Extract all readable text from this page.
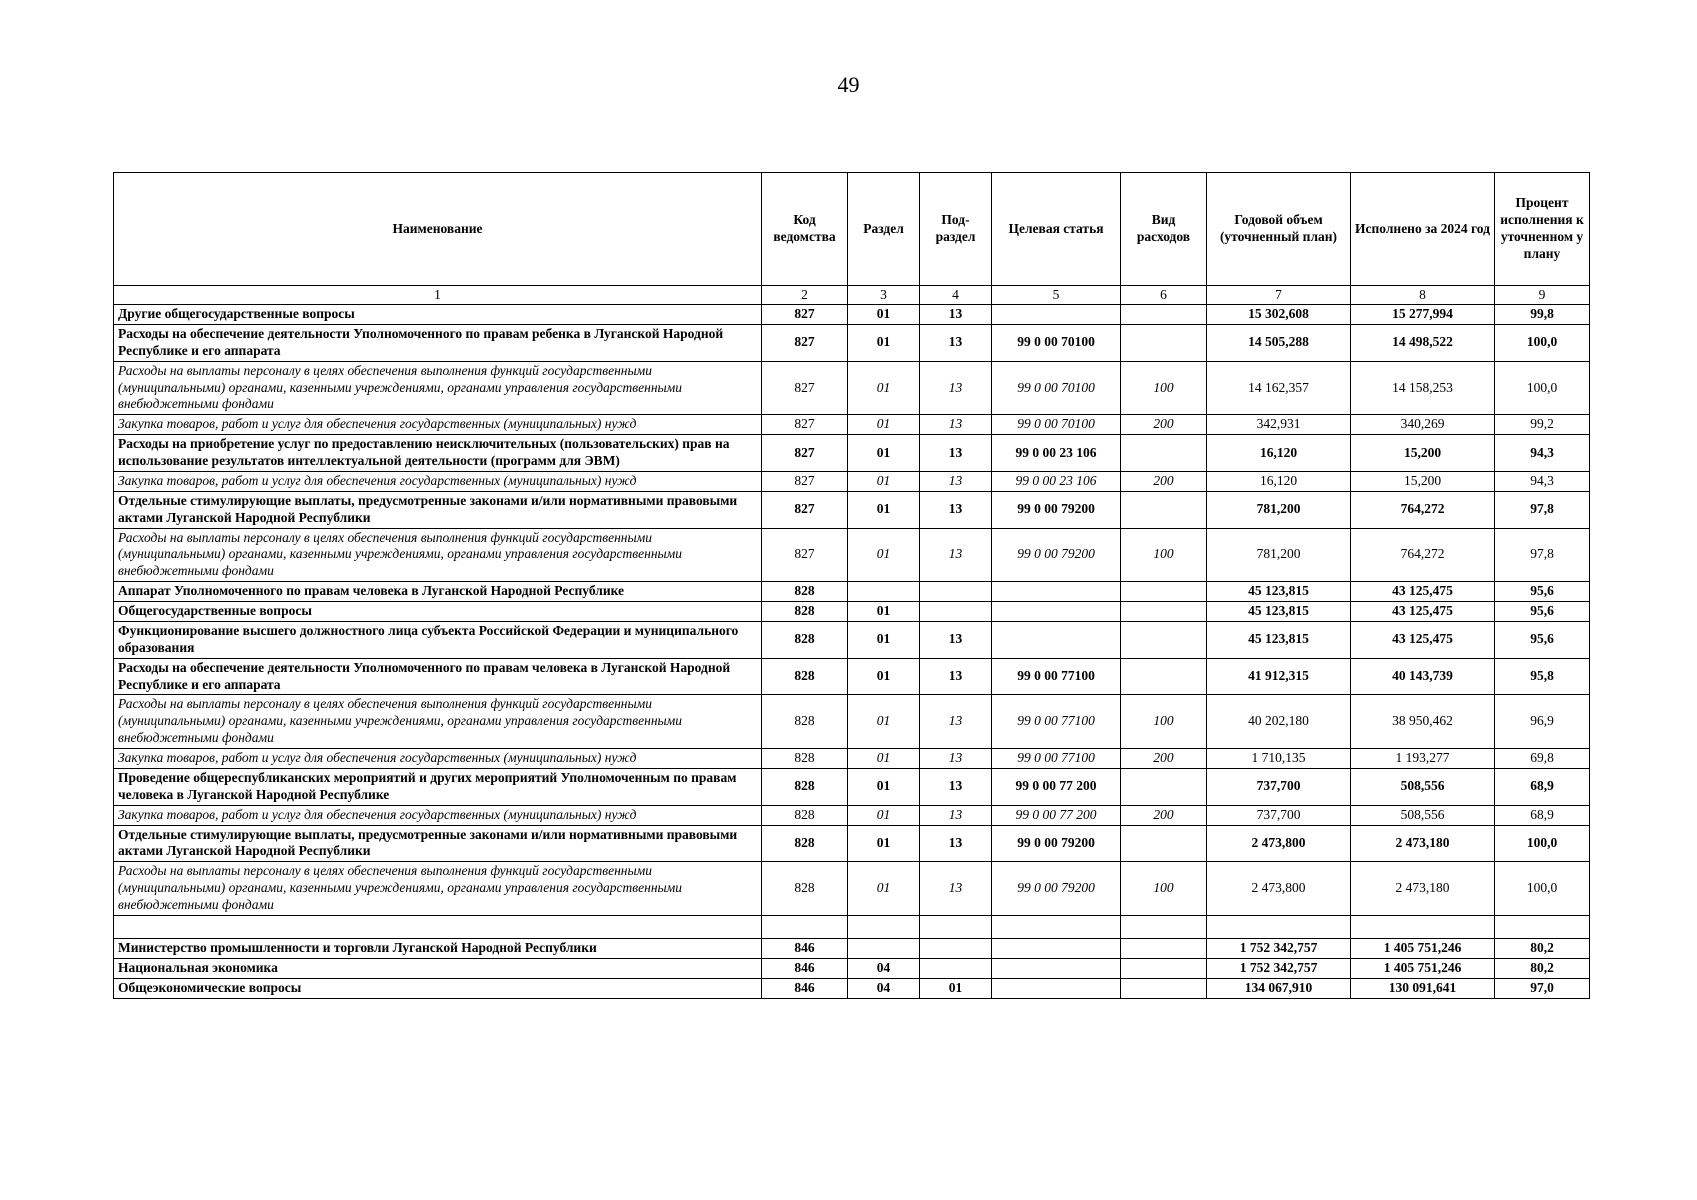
49
Наименование	Код ведомства	Раздел	Под-раздел	Целевая статья	Вид расходов	Годовой объем (уточненный план)	Исполнено за 2024 год	Процент исполнения к уточненном у плану
1	2	3	4	5	6	7	8	9
Другие общегосударственные вопросы	827	01	13			15 302,608	15 277,994	99,8
Расходы на обеспечение деятельности Уполномоченного по правам ребенка в Луганской Народной Республике и его аппарата	827	01	13	99 0 00 70100		14 505,288	14 498,522	100,0
Расходы на выплаты персоналу в целях обеспечения выполнения функций государственными (муниципальными) органами, казенными учреждениями, органами управления государственными внебюджетными фондами	827	01	13	99 0 00 70100	100	14 162,357	14 158,253	100,0
Закупка товаров, работ и услуг для обеспечения государственных (муниципальных) нужд	827	01	13	99 0 00 70100	200	342,931	340,269	99,2
Расходы на приобретение услуг по предоставлению неисключительных (пользовательских) прав на использование результатов интеллектуальной деятельности (программ для ЭВМ)	827	01	13	99 0 00 23 106		16,120	15,200	94,3
Закупка товаров, работ и услуг для обеспечения государственных (муниципальных) нужд	827	01	13	99 0 00 23 106	200	16,120	15,200	94,3
Отдельные стимулирующие выплаты, предусмотренные законами и/или нормативными правовыми актами Луганской Народной Республики	827	01	13	99 0 00 79200		781,200	764,272	97,8
Расходы на выплаты персоналу в целях обеспечения выполнения функций государственными (муниципальными) органами, казенными учреждениями, органами управления государственными внебюджетными фондами	827	01	13	99 0 00 79200	100	781,200	764,272	97,8
Аппарат Уполномоченного по правам человека в Луганской Народной Республике	828					45 123,815	43 125,475	95,6
Общегосударственные вопросы	828	01				45 123,815	43 125,475	95,6
Функционирование высшего должностного лица субъекта Российской Федерации и муниципального образования	828	01	13			45 123,815	43 125,475	95,6
Расходы на обеспечение деятельности Уполномоченного по правам человека в Луганской Народной Республике и его аппарата	828	01	13	99 0 00 77100		41 912,315	40 143,739	95,8
Расходы на выплаты персоналу в целях обеспечения выполнения функций государственными (муниципальными) органами, казенными учреждениями, органами управления государственными внебюджетными фондами	828	01	13	99 0 00 77100	100	40 202,180	38 950,462	96,9
Закупка товаров, работ и услуг для обеспечения государственных (муниципальных) нужд	828	01	13	99 0 00 77100	200	1 710,135	1 193,277	69,8
Проведение общереспубликанских мероприятий и других мероприятий Уполномоченным по правам человека в Луганской Народной Республике	828	01	13	99 0 00 77 200		737,700	508,556	68,9
Закупка товаров, работ и услуг для обеспечения государственных (муниципальных) нужд	828	01	13	99 0 00 77 200	200	737,700	508,556	68,9
Отдельные стимулирующие выплаты, предусмотренные законами и/или нормативными правовыми актами Луганской Народной Республики	828	01	13	99 0 00 79200		2 473,800	2 473,180	100,0
Расходы на выплаты персоналу в целях обеспечения выполнения функций государственными (муниципальными) органами, казенными учреждениями, органами управления государственными внебюджетными фондами	828	01	13	99 0 00 79200	100	2 473,800	2 473,180	100,0

Министерство промышленности и торговли Луганской Народной Республики	846					1 752 342,757	1 405 751,246	80,2
Национальная экономика	846	04				1 752 342,757	1 405 751,246	80,2
Общеэкономические вопросы	846	04	01			134 067,910	130 091,641	97,0
